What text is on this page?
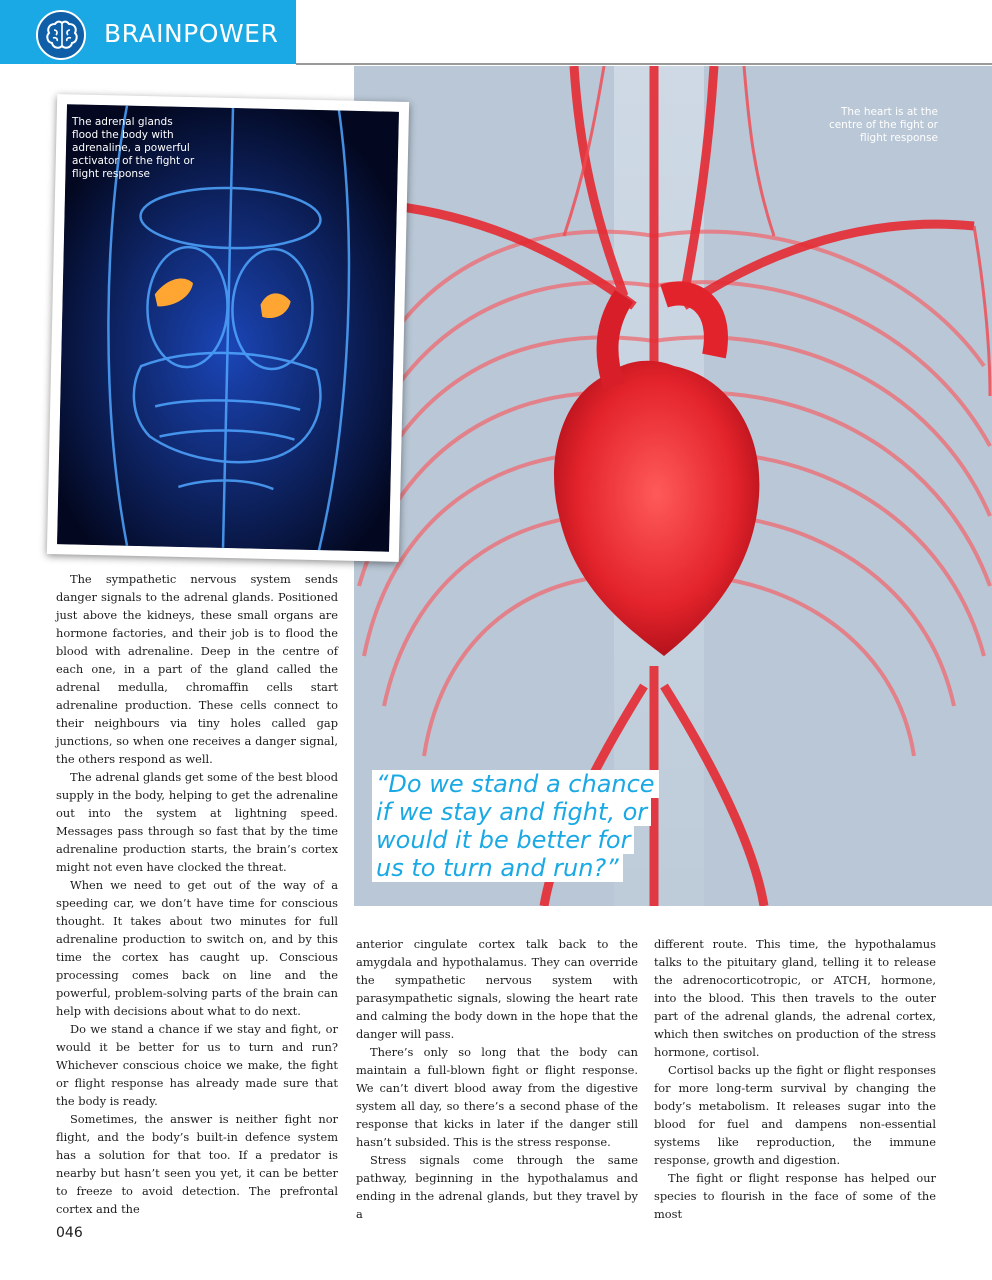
BRAINPOWER
The heart is at the centre of the fight or flight response
The adrenal glands flood the body with adrenaline, a powerful activator of the fight or flight response
“Do we stand a chance
if we stay and fight, or
would it be better for
us to turn and run?”

The sympathetic nervous system sends danger signals to the adrenal glands. Positioned just above the kidneys, these small organs are hormone factories, and their job is to flood the blood with adrenaline. Deep in the centre of each one, in a part of the gland called the adrenal medulla, chromaffin cells start adrenaline production. These cells connect to their neighbours via tiny holes called gap junctions, so when one receives a danger signal, the others respond as well.

The adrenal glands get some of the best blood supply in the body, helping to get the adrenaline out into the system at lightning speed. Messages pass through so fast that by the time adrenaline production starts, the brain’s cortex might not even have clocked the threat.

When we need to get out of the way of a speeding car, we don’t have time for conscious thought. It takes about two minutes for full adrenaline production to switch on, and by this time the cortex has caught up. Conscious processing comes back on line and the powerful, problem-solving parts of the brain can help with decisions about what to do next.

Do we stand a chance if we stay and fight, or would it be better for us to turn and run? Whichever conscious choice we make, the fight or flight response has already made sure that the body is ready.

Sometimes, the answer is neither fight nor flight, and the body’s built-in defence system has a solution for that too. If a predator is nearby but hasn’t seen you yet, it can be better to freeze to avoid detection. The prefrontal cortex and the

anterior cingulate cortex talk back to the amygdala and hypothalamus. They can override the sympathetic nervous system with parasympathetic signals, slowing the heart rate and calming the body down in the hope that the danger will pass.

There’s only so long that the body can maintain a full-blown fight or flight response. We can’t divert blood away from the digestive system all day, so there’s a second phase of the response that kicks in later if the danger still hasn’t subsided. This is the stress response.

Stress signals come through the same pathway, beginning in the hypothalamus and ending in the adrenal glands, but they travel by a

different route. This time, the hypothalamus talks to the pituitary gland, telling it to release the adrenocorticotropic, or ATCH, hormone, into the blood. This then travels to the outer part of the adrenal glands, the adrenal cortex, which then switches on production of the stress hormone, cortisol.

Cortisol backs up the fight or flight responses for more long-term survival by changing the body’s metabolism. It releases sugar into the blood for fuel and dampens non-essential systems like reproduction, the immune response, growth and digestion.

The fight or flight response has helped our species to flourish in the face of some of the most

046
